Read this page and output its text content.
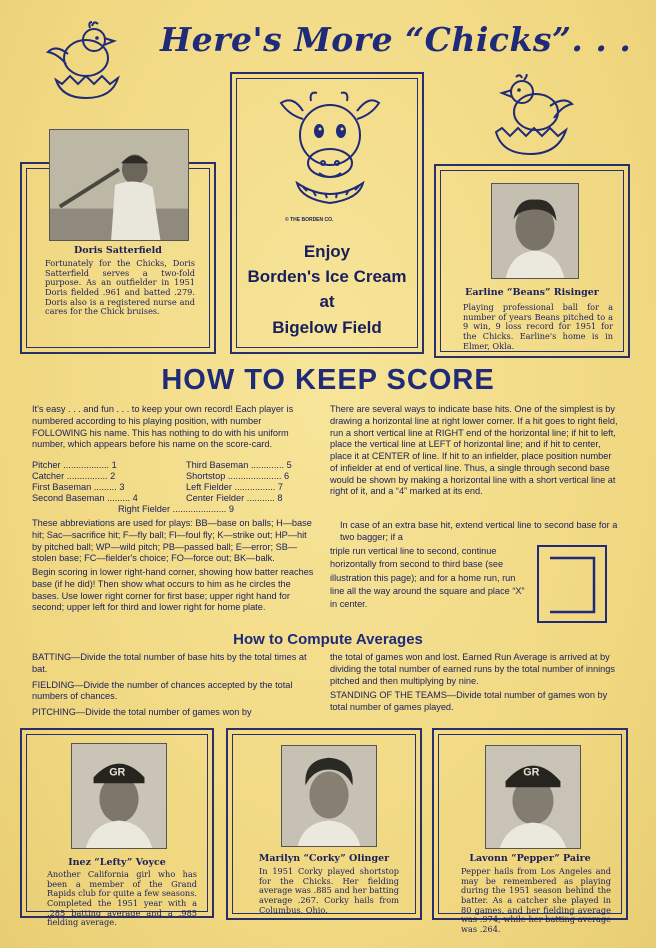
Here's More “Chicks”. . .
Doris Satterfield
Fortunately for the Chicks, Doris Satterfield serves a two-fold purpose. As an outfielder in 1951 Doris fielded .961 and batted .279. Doris also is a registered nurse and cares for the Chick bruises.
© THE BORDEN CO.
Enjoy
Borden's Ice Cream
at
Bigelow Field
Earline “Beans” Risinger
Playing professional ball for a number of years Beans pitched to a 9 win, 9 loss record for 1951 for the Chicks. Earline's home is in Elmer, Okla.
HOW TO KEEP SCORE

It's easy . . . and fun . . . to keep your own record! Each player is numbered according to his playing position, with number FOLLOWING his name. This has nothing to do with his uniform number, which appears before his name on the score-card.

Pitcher .................. 1
Catcher ................ 2
First Baseman ......... 3
Second Baseman ......... 4
Third Baseman ............. 5
Shortstop ..................... 6
Left Fielder ................ 7
Center Fielder ........... 8
Right Fielder ..................... 9

These abbreviations are used for plays: BB—base on balls; H—base hit; Sac—sacrifice hit; F—fly ball; Fl—foul fly; K—strike out; HP—hit by pitched ball; WP—wild pitch; PB—passed ball; E—error; SB—stolen base; FC—fielder's choice; FO—force out; BK—balk.

Begin scoring in lower right-hand corner, showing how batter reaches base (if he did)! Then show what occurs to him as he circles the bases. Use lower right corner for first base; upper right hand for second; upper left for third and lower right for home plate.

There are several ways to indicate base hits. One of the simplest is by drawing a horizontal line at right lower corner. If a hit goes to right field, run a short vertical line at RIGHT end of the horizontal line; if hit to left, place the vertical line at LEFT of horizontal line; and if hit to center, place it at CENTER of line. If hit to an infielder, place position number of infielder at end of vertical line. Thus, a single through second base would be shown by making a horizontal line with a short vertical line at right of it, and a “4” marked at its end.

In case of an extra base hit, extend vertical line to second base for a two bagger; if a

triple run vertical line to second, continue horizontally from second to third base (see illustration this page); and for a home run, run line all the way around the square and place “X” in center.

How to Compute Averages

BATTING—Divide the total number of base hits by the total times at bat.

FIELDING—Divide the number of chances accepted by the total numbers of chances.

PITCHING—Divide the total number of games won by

the total of games won and lost. Earned Run Average is arrived at by dividing the total number of earned runs by the total number of innings pitched and then multiplying by nine.

STANDING OF THE TEAMS—Divide total number of games won by total number of games played.

GR
Inez “Lefty” Voyce
Another California girl who has been a member of the Grand Rapids club for quite a few seasons. Completed the 1951 year with a .285 batting average and a .985 fielding average.
Marilyn “Corky” Olinger
In 1951 Corky played shortstop for the Chicks. Her fielding average was .885 and her batting average .267. Corky hails from Columbus, Ohio.
GR
Lavonn “Pepper” Paire
Pepper hails from Los Angeles and may be remembered as playing during the 1951 season behind the batter. As a catcher she played in 80 games, and her fielding average was .974, while her batting average was .264.
